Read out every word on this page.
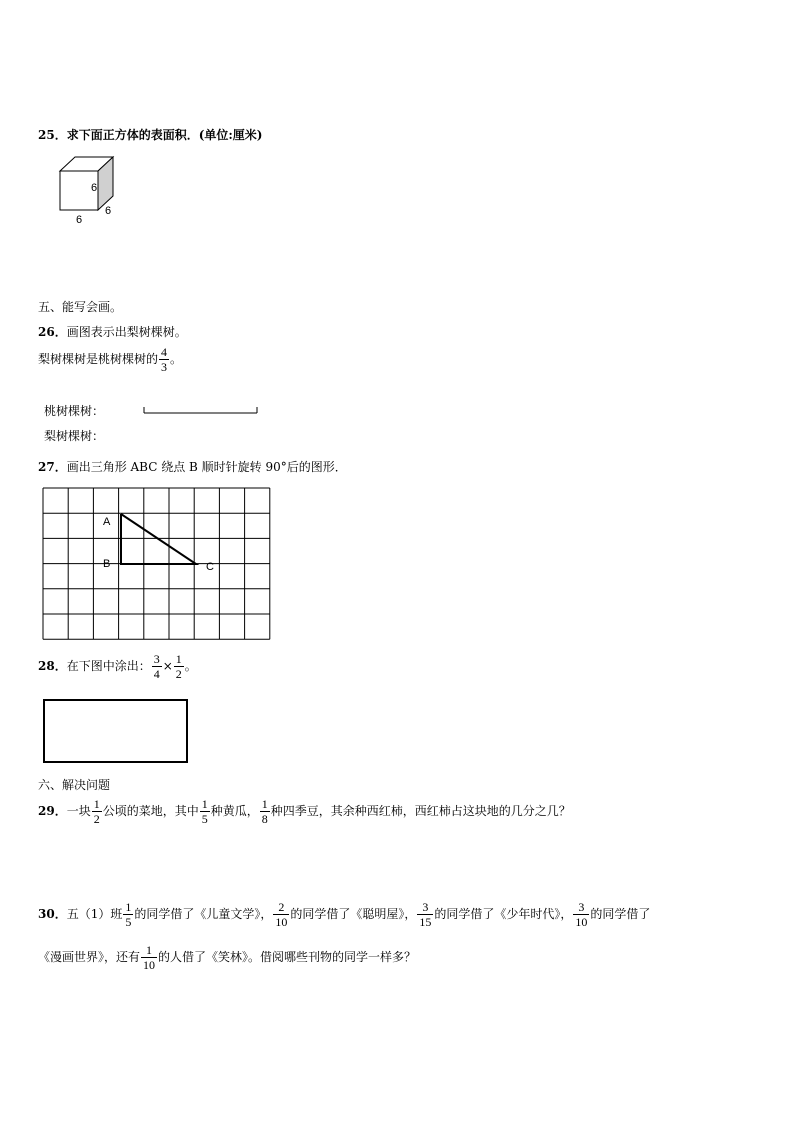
25．求下面正方体的表面积．(单位:厘米)
6
6
6
五、能写会画。
26．画图表示出梨树棵树。
梨树棵树是桃树棵树的 $\frac{4}{3}$ 。
桃树棵树：
梨树棵树：
27．画出三角形 ABC 绕点 B 顺时针旋转 90°后的图形．
A
B	C
28．在下图中涂出： $\frac{3}{4} \times \frac{1}{2}$ 。
六、解决问题
29．一块 $\frac{1}{2}$ 公顷的菜地，其中 $\frac{1}{5}$ 种黄瓜， $\frac{1}{8}$ 种四季豆，其余种西红柿，西红柿占这块地的几分之几？
30．五（1）班 $\frac{1}{5}$ 的同学借了《儿童文学》， $\frac{2}{10}$ 的同学借了《聪明屋》， $\frac{3}{15}$ 的同学借了《少年时代》， $\frac{3}{10}$ 的同学借了
《漫画世界》，还有 $\frac{1}{10}$ 的人借了《笑林》。借阅哪些刊物的同学一样多？
